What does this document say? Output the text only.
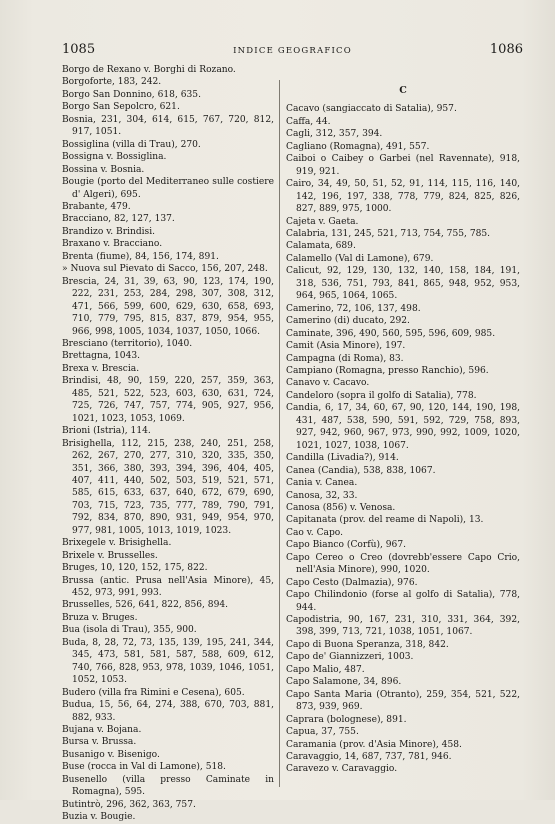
1085	INDICE GEOGRAFICO	1086
Borgo de Rexano v. Borghi di Rozano.
Borgoforte, 183, 242.
Borgo San Donnino, 618, 635.
Borgo San Sepolcro, 621.
Bosnia, 231, 304, 614, 615, 767, 720, 812, 917, 1051.
Bossiglina (villa di Trau), 270.
Bossigna v. Bossiglina.
Bossina v. Bosnia.
Bougie (porto del Mediterraneo sulle costiere d' Algeri), 695.
Brabante, 479.
Bracciano, 82, 127, 137.
Brandizo v. Brindisi.
Braxano v. Bracciano.
Brenta (fiume), 84, 156, 174, 891.
» Nuova sul Pievato di Sacco, 156, 207, 248.
Brescia, 24, 31, 39, 63, 90, 123, 174, 190, 222, 231, 253, 284, 298, 307, 308, 312, 471, 566, 599, 600, 629, 630, 658, 693, 710, 779, 795, 815, 837, 879, 954, 955, 966, 998, 1005, 1034, 1037, 1050, 1066.
Bresciano (territorio), 1040.
Brettagna, 1043.
Brexa v. Brescia.
Brindisi, 48, 90, 159, 220, 257, 359, 363, 485, 521, 522, 523, 603, 630, 631, 724, 725, 726, 747, 757, 774, 905, 927, 956, 1021, 1023, 1053, 1069.
Brioni (Istria), 114.
Brisighella, 112, 215, 238, 240, 251, 258, 262, 267, 270, 277, 310, 320, 335, 350, 351, 366, 380, 393, 394, 396, 404, 405, 407, 411, 440, 502, 503, 519, 521, 571, 585, 615, 633, 637, 640, 672, 679, 690, 703, 715, 723, 735, 777, 789, 790, 791, 792, 834, 870, 890, 931, 949, 954, 970, 977, 981, 1005, 1013, 1019, 1023.
Brixegele v. Brisighella.
Brixele v. Brusselles.
Bruges, 10, 120, 152, 175, 822.
Brussa (antic. Prusa nell'Asia Minore), 45, 452, 973, 991, 993.
Brusselles, 526, 641, 822, 856, 894.
Bruza v. Bruges.
Bua (isola di Trau), 355, 900.
Buda, 8, 28, 72, 73, 135, 139, 195, 241, 344, 345, 473, 581, 581, 587, 588, 609, 612, 740, 766, 828, 953, 978, 1039, 1046, 1051, 1052, 1053.
Budero (villa fra Rimini e Cesena), 605.
Budua, 15, 56, 64, 274, 388, 670, 703, 881, 882, 933.
Bujana v. Bojana.
Bursa v. Brussa.
Busanigo v. Bisenigo.
Buse (rocca in Val di Lamone), 518.
Busenello (villa presso Caminate in Romagna), 595.
Butintrò, 296, 362, 363, 757.
Buzia v. Bougie.
C
Cacavo (sangiaccato di Satalia), 957.
Caffa, 44.
Cagli, 312, 357, 394.
Cagliano (Romagna), 491, 557.
Caiboi o Caibey o Garbei (nel Ravennate), 918, 919, 921.
Cairo, 34, 49, 50, 51, 52, 91, 114, 115, 116, 140, 142, 196, 197, 338, 778, 779, 824, 825, 826, 827, 889, 975, 1000.
Cajeta v. Gaeta.
Calabria, 131, 245, 521, 713, 754, 755, 785.
Calamata, 689.
Calamello (Val di Lamone), 679.
Calicut, 92, 129, 130, 132, 140, 158, 184, 191, 318, 536, 751, 793, 841, 865, 948, 952, 953, 964, 965, 1064, 1065.
Camerino, 72, 106, 137, 498.
Camerino (di) ducato, 292.
Caminate, 396, 490, 560, 595, 596, 609, 985.
Camit (Asia Minore), 197.
Campagna (di Roma), 83.
Campiano (Romagna, presso Ranchio), 596.
Canavo v. Cacavo.
Candeloro (sopra il golfo di Satalia), 778.
Candia, 6, 17, 34, 60, 67, 90, 120, 144, 190, 198, 431, 487, 538, 590, 591, 592, 729, 758, 893, 927, 942, 960, 967, 973, 990, 992, 1009, 1020, 1021, 1027, 1038, 1067.
Candilla (Livadia?), 914.
Canea (Candia), 538, 838, 1067.
Cania v. Canea.
Canosa, 32, 33.
Canosa (856) v. Venosa.
Capitanata (prov. del reame di Napoli), 13.
Cao v. Capo.
Capo Bianco (Corfù), 967.
Capo Cereo o Creo (dovrebb'essere Capo Crio, nell'Asia Minore), 990, 1020.
Capo Cesto (Dalmazia), 976.
Capo Chilindonio (forse al golfo di Satalia), 778, 944.
Capodistria, 90, 167, 231, 310, 331, 364, 392, 398, 399, 713, 721, 1038, 1051, 1067.
Capo di Buona Speranza, 318, 842.
Capo de' Giannizzeri, 1003.
Capo Malio, 487.
Capo Salamone, 34, 896.
Capo Santa Maria (Otranto), 259, 354, 521, 522, 873, 939, 969.
Caprara (bolognese), 891.
Capua, 37, 755.
Caramania (prov. d'Asia Minore), 458.
Caravaggio, 14, 687, 737, 781, 946.
Caravezo v. Caravaggio.
